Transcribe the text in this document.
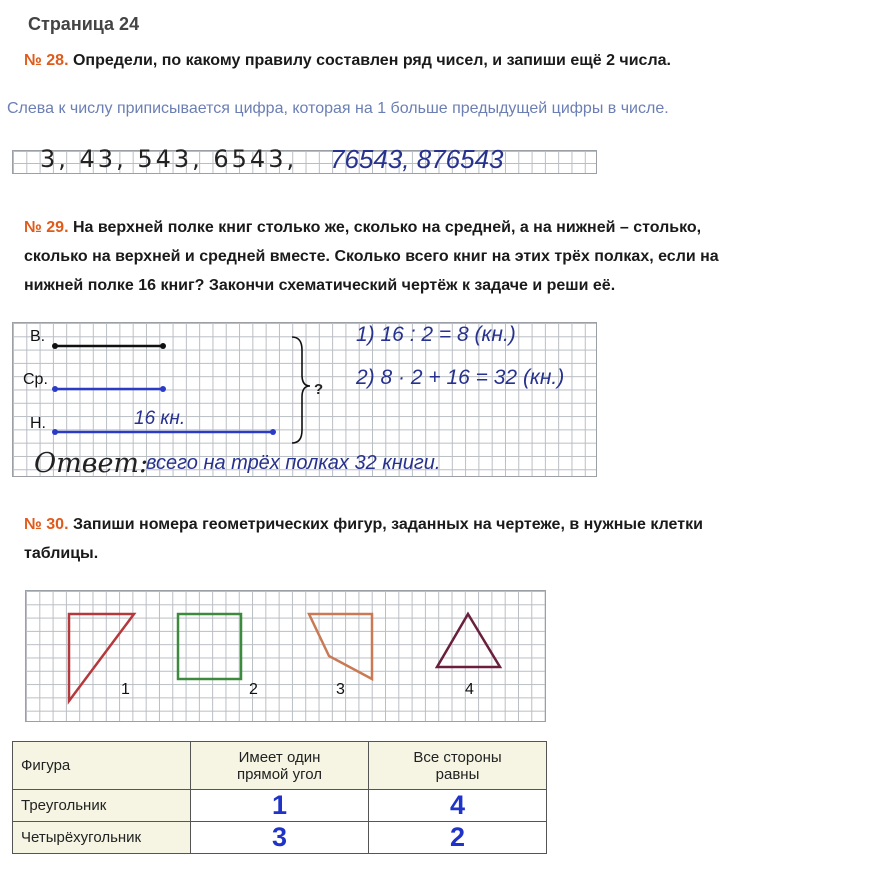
Страница 24
№ 28. Определи, по какому правилу составлен ряд чисел, и запиши ещё 2 числа.
Слева к числу приписывается цифра, которая на 1 больше предыдущей цифры в числе.
3, 43, 543, 6543, 76543, 876543
№ 29. На верхней полке книг столько же, сколько на средней, а на нижней – столько,
сколько на верхней и средней вместе. Сколько всего книг на этих трёх полках, если на
нижней полке 16 книг? Закончи схематический чертёж к задаче и реши её.
В.
Ср.
Н.	16 кн.
?
1) 16 : 2 = 8 (кн.)
2) 8 · 2 + 16 = 32 (кн.)
Ответ:
всего на трёх полках 32 книги.
№ 30. Запиши номера геометрических фигур, заданных на чертеже, в нужные клетки
таблицы.
1	2	3	4
Фигура	Имеет один прямой угол	Все стороны равны
Треугольник	1	4
Четырёхугольник	3	2
